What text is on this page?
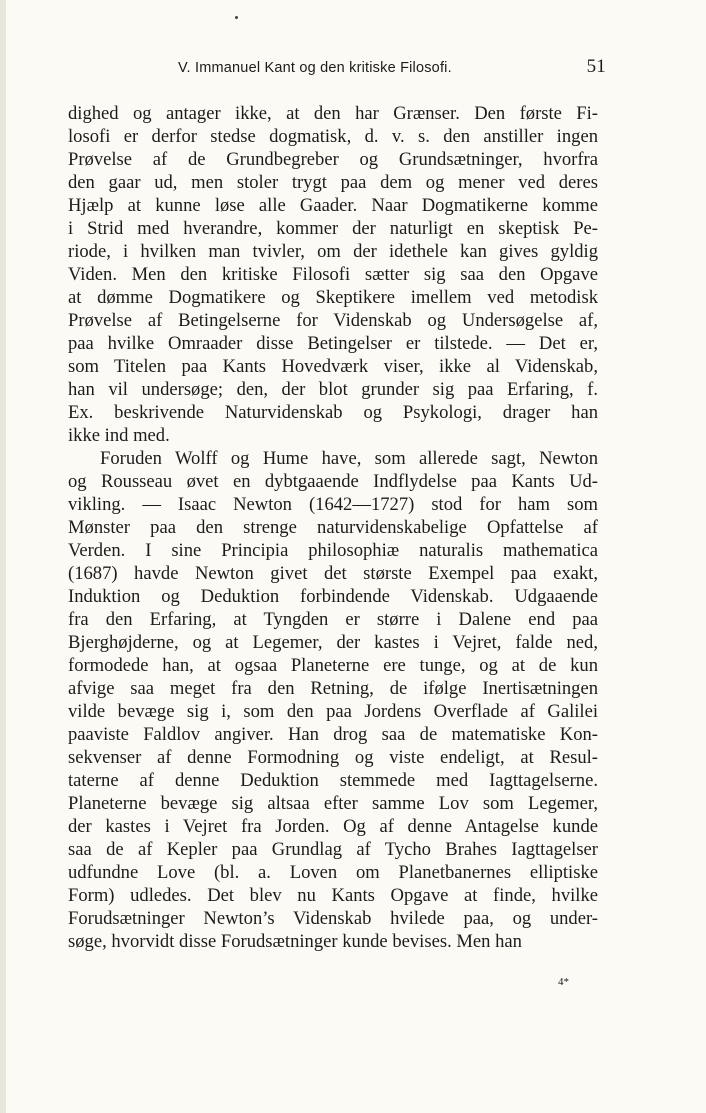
V. Immanuel Kant og den kritiske Filosofi.	51
dighed og antager ikke, at den har Grænser. Den første Fi-
losofi er derfor stedse dogmatisk, d. v. s. den anstiller ingen
Prøvelse af de Grundbegreber og Grundsætninger, hvorfra
den gaar ud, men stoler trygt paa dem og mener ved deres
Hjælp at kunne løse alle Gaader. Naar Dogmatikerne komme
i Strid med hverandre, kommer der naturligt en skeptisk Pe-
riode, i hvilken man tvivler, om der idethele kan gives gyldig
Viden. Men den kritiske Filosofi sætter sig saa den Opgave
at dømme Dogmatikere og Skeptikere imellem ved metodisk
Prøvelse af Betingelserne for Videnskab og Undersøgelse af,
paa hvilke Omraader disse Betingelser er tilstede. — Det er,
som Titelen paa Kants Hovedværk viser, ikke al Videnskab,
han vil undersøge; den, der blot grunder sig paa Erfaring, f.
Ex. beskrivende Naturvidenskab og Psykologi, drager han
ikke ind med.
Foruden Wolff og Hume have, som allerede sagt, Newton
og Rousseau øvet en dybtgaaende Indflydelse paa Kants Ud-
vikling. — Isaac Newton (1642—1727) stod for ham som
Mønster paa den strenge naturvidenskabelige Opfattelse af
Verden. I sine Principia philosophiæ naturalis mathematica
(1687) havde Newton givet det største Exempel paa exakt,
Induktion og Deduktion forbindende Videnskab. Udgaaende
fra den Erfaring, at Tyngden er større i Dalene end paa
Bjerghøjderne, og at Legemer, der kastes i Vejret, falde ned,
formodede han, at ogsaa Planeterne ere tunge, og at de kun
afvige saa meget fra den Retning, de ifølge Inertisætningen
vilde bevæge sig i, som den paa Jordens Overflade af Galilei
paaviste Faldlov angiver. Han drog saa de matematiske Kon-
sekvenser af denne Formodning og viste endeligt, at Resul-
taterne af denne Deduktion stemmede med Iagttagelserne.
Planeterne bevæge sig altsaa efter samme Lov som Legemer,
der kastes i Vejret fra Jorden. Og af denne Antagelse kunde
saa de af Kepler paa Grundlag af Tycho Brahes Iagttagelser
udfundne Love (bl. a. Loven om Planetbanernes elliptiske
Form) udledes. Det blev nu Kants Opgave at finde, hvilke
Forudsætninger Newton’s Videnskab hvilede paa, og under-
søge, hvorvidt disse Forudsætninger kunde bevises. Men han
4*
